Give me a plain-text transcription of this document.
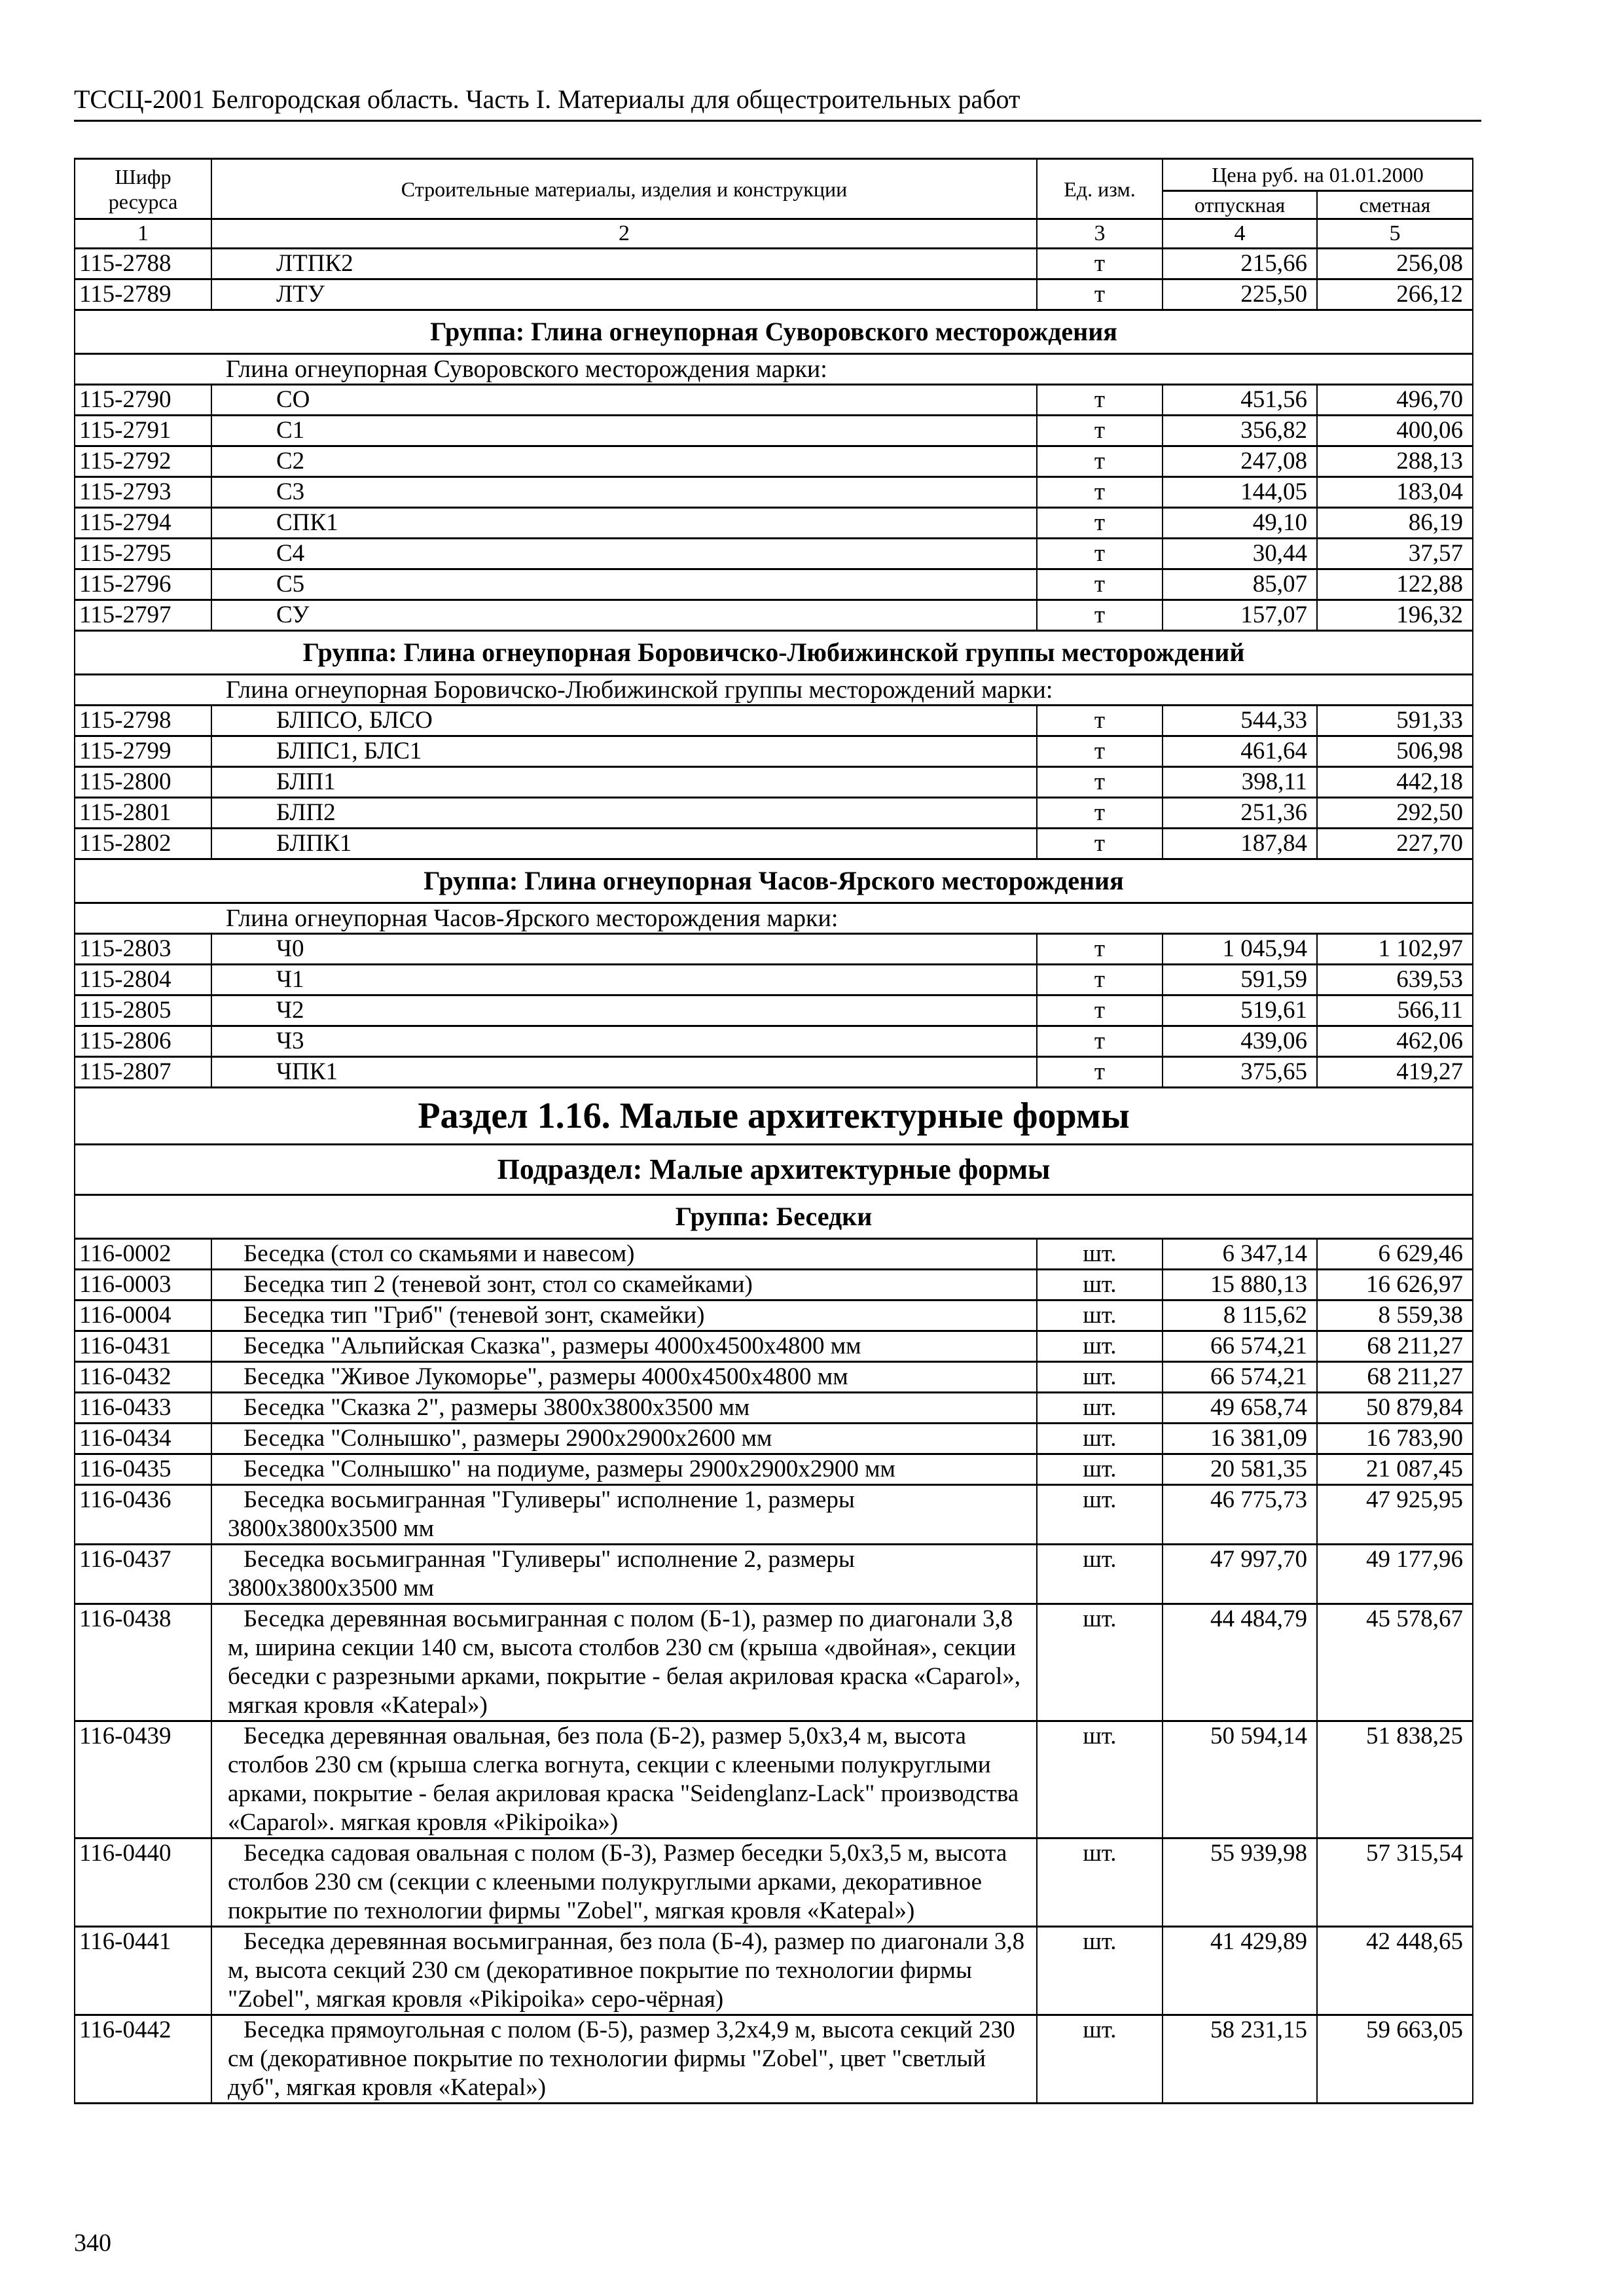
ТССЦ-2001 Белгородская область. Часть I. Материалы для общестроительных работ
Шифр ресурса	Строительные материалы, изделия и конструкции	Ед. изм.	Цена руб. на 01.01.2000	
			отпускная	сметная
1	2	3	4	5
115-2788	ЛТПК2	т	215,66	256,08
115-2789	ЛТУ	т	225,50	266,12
Группа: Глина огнеупорная Суворовского месторождения				
Глина огнеупорная Суворовского месторождения марки:				
115-2790	СО	т	451,56	496,70
115-2791	С1	т	356,82	400,06
115-2792	С2	т	247,08	288,13
115-2793	С3	т	144,05	183,04
115-2794	СПК1	т	49,10	86,19
115-2795	С4	т	30,44	37,57
115-2796	С5	т	85,07	122,88
115-2797	СУ	т	157,07	196,32
Группа: Глина огнеупорная Боровичско-Любижинской группы месторождений				
Глина огнеупорная Боровичско-Любижинской группы месторождений марки:				
115-2798	БЛПСО, БЛСО	т	544,33	591,33
115-2799	БЛПС1, БЛС1	т	461,64	506,98
115-2800	БЛП1	т	398,11	442,18
115-2801	БЛП2	т	251,36	292,50
115-2802	БЛПК1	т	187,84	227,70
Группа: Глина огнеупорная Часов-Ярского месторождения				
Глина огнеупорная Часов-Ярского месторождения марки:				
115-2803	Ч0	т	1 045,94	1 102,97
115-2804	Ч1	т	591,59	639,53
115-2805	Ч2	т	519,61	566,11
115-2806	Ч3	т	439,06	462,06
115-2807	ЧПК1	т	375,65	419,27
Раздел 1.16. Малые архитектурные формы				
Подраздел: Малые архитектурные формы				
Группа: Беседки				
116-0002	Беседка (стол со скамьями и навесом)	шт.	6 347,14	6 629,46
116-0003	Беседка тип 2 (теневой зонт, стол со скамейками)	шт.	15 880,13	16 626,97
116-0004	Беседка тип "Гриб" (теневой зонт, скамейки)	шт.	8 115,62	8 559,38
116-0431	Беседка "Альпийская Сказка", размеры 4000х4500х4800 мм	шт.	66 574,21	68 211,27
116-0432	Беседка "Живое Лукоморье", размеры 4000х4500х4800 мм	шт.	66 574,21	68 211,27
116-0433	Беседка "Сказка 2", размеры 3800х3800х3500 мм	шт.	49 658,74	50 879,84
116-0434	Беседка "Солнышко", размеры 2900х2900х2600 мм	шт.	16 381,09	16 783,90
116-0435	Беседка "Солнышко" на подиуме, размеры 2900х2900х2900 мм	шт.	20 581,35	21 087,45
116-0436	Беседка восьмигранная "Гуливеры" исполнение 1, размеры 3800х3800х3500 мм	шт.	46 775,73	47 925,95
116-0437	Беседка восьмигранная "Гуливеры" исполнение 2, размеры 3800х3800х3500 мм	шт.	47 997,70	49 177,96
116-0438	Беседка деревянная восьмигранная с полом (Б-1), размер по диагонали 3,8 м, ширина секции 140 см, высота столбов 230 см (крыша «двойная», секции беседки с разрезными арками, покрытие - белая акриловая краска «Caparol», мягкая кровля «Katepal»)	шт.	44 484,79	45 578,67
116-0439	Беседка деревянная овальная, без пола (Б-2), размер 5,0х3,4 м, высота столбов 230 см (крыша слегка вогнута, секции с клееными полукруглыми арками, покрытие - белая акриловая краска "Seidenglanz-Lack" производства «Caparol». мягкая кровля «Pikipoika»)	шт.	50 594,14	51 838,25
116-0440	Беседка садовая овальная с полом (Б-3), Размер беседки 5,0х3,5 м, высота столбов 230 см (секции с клееными полукруглыми арками, декоративное покрытие по технологии фирмы "Zobel", мягкая кровля «Katepal»)	шт.	55 939,98	57 315,54
116-0441	Беседка деревянная восьмигранная, без пола (Б-4), размер по диагонали 3,8 м, высота секций 230 см (декоративное покрытие по технологии фирмы "Zobel", мягкая кровля «Pikipoika» серо-чёрная)	шт.	41 429,89	42 448,65
116-0442	Беседка прямоугольная с полом (Б-5), размер 3,2х4,9 м, высота секций 230 см (декоративное покрытие по технологии фирмы "Zobel", цвет "светлый дуб", мягкая кровля «Katepal»)	шт.	58 231,15	59 663,05
340
